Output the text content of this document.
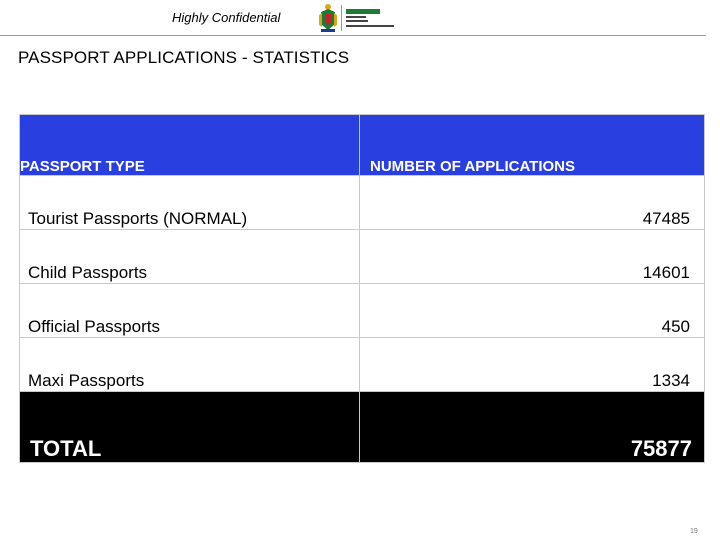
Highly Confidential
PASSPORT APPLICATIONS - STATISTICS
PASSPORT TYPE	NUMBER OF APPLICATIONS
Tourist Passports (NORMAL)	47485
Child Passports	14601
Official Passports	450
Maxi Passports	1334
TOTAL	75877
19
